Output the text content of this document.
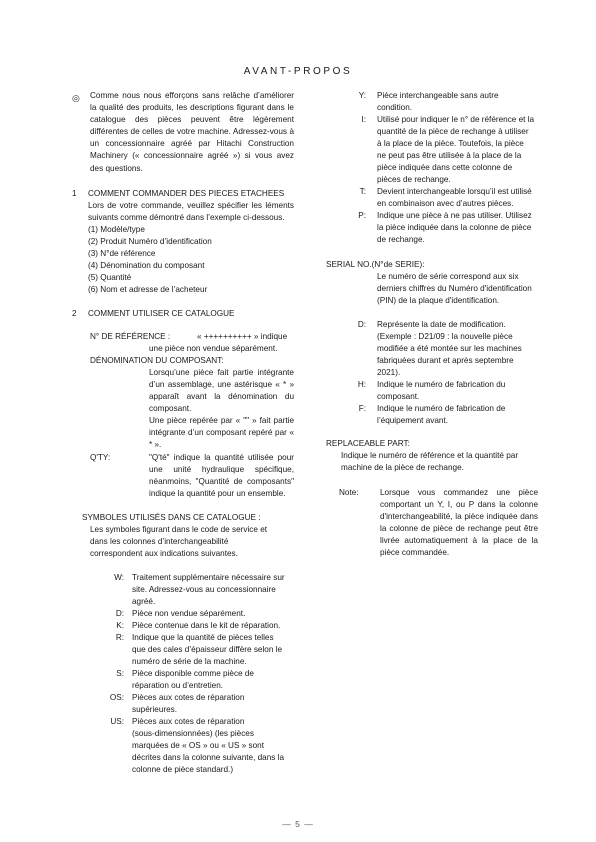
AVANT-PROPOS
◎ Comme nous nous efforçons sans relâche d’améliorer la qualité des produits, les descriptions figurant dans le catalogue des pièces peuvent être légèrement différentes de celles de votre machine. Adressez-vous à un concessionnaire agréé par Hitachi Construction Machinery (« concessionnaire agréé ») si vous avez des questions.
1 COMMENT COMMANDER DES PIECES ETACHEES
Lors de votre commande, veuillez spécifier les léments suivants comme démontré dans l’exemple ci-dessous.

(1) Modèle/type

(2) Produit Numéro d’identification

(3) N°de référence

(4) Dénomination du composant

(5) Quantité

(6) Nom et adresse de l’acheteur

2 COMMENT UTILISER CE CATALOGUE
N° DE RÉFÉRENCE :	« ++++++++++ » indique
une pièce non vendue séparément.
DÉNOMINATION DU COMPOSANT:
Lorsqu’une pièce fait partie intégrante d’un assemblage, une astérisque « * » apparaît avant la dénomination du composant.
Une pièce repérée par « "" » fait partie intégrante d’un composant repéré par « * ».
Q'TY:	"Q'té" indique la quantité utilisée pour une unité hydraulique spécifique, néanmoins, "Quantité de composants" indique la quantité pour un ensemble.
SYMBOLES UTILISÉS DANS CE CATALOGUE :
Les symboles figurant dans le code de service et dans les colonnes d’interchangeabilité correspondent aux indications suivantes.
W: Traitement supplémentaire nécessaire sur

site. Adressez-vous au concessionnaire

agréé.

D: Pièce non vendue séparément.

K: Pièce contenue dans le kit de réparation.

R: Indique que la quantité de pièces telles

que des cales d’épaisseur diffère selon le

numéro de série de la machine.

S: Pièce disponible comme pièce de

réparation ou d’entretien.

OS: Pièces aux cotes de réparation

supérieures.

US: Pièces aux cotes de réparation

(sous-dimensionnées) (les pièces

marquées de « OS » ou « US » sont

décrites dans la colonne suivante, dans la

colonne de pièce standard.)

Y: Pièce interchangeable sans autre

condition.

I: Utilisé pour indiquer le n° de référence et la

quantité de la pièce de rechange à utiliser

à la place de la pièce. Toutefois, la pièce

ne peut pas être utilisée à la place de la

pièce indiquée dans cette colonne de

pièces de rechange.

T: Devient interchangeable lorsqu’il est utilisé

en combinaison avec d’autres pièces.

P: Indique une pièce à ne pas utiliser. Utilisez

la pièce indiquée dans la colonne de pièce

de rechange.

SERIAL NO.(N°de SERIE):

Le numéro de série correspond aux six

derniers chiffres du Numéro d'identification

(PIN) de la plaque d'identification.

D: Représente la date de modification.

(Exemple : D21/09 : la nouvelle pièce

modifiée a été montée sur les machines

fabriquées durant et après septembre

2021).

H: Indique le numéro de fabrication du

composant.

F: Indique le numéro de fabrication de

l’équipement avant.

REPLACEABLE PART:

Indique le numéro de référence et la quantité par

machine de la pièce de rechange.

Note:	Lorsque vous commandez une pièce comportant un Y, I, ou P dans la colonne d'interchangeabilité, la pièce indiquée dans la colonne de pièce de rechange peut être livrée automatiquement à la place de la pièce commandée.
— 5 —
